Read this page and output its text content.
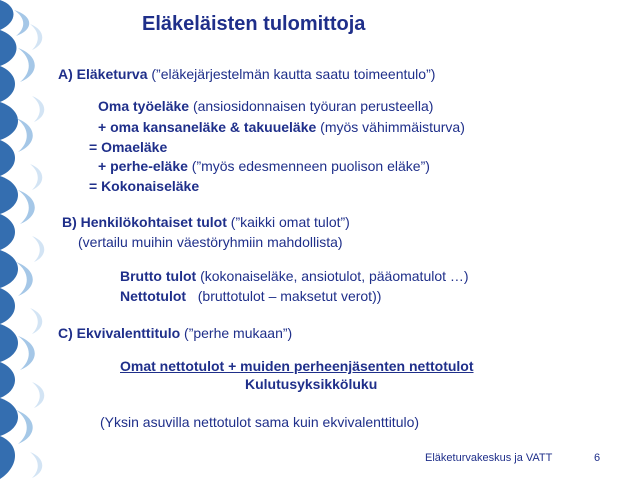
Eläkeläisten tulomittoja
A) Eläketurva (”eläkejärjestelmän kautta saatu toimeentulo”)
Oma työeläke (ansiosidonnaisen työuran perusteella)
+ oma kansaneläke & takuueläke (myös vähimmäisturva)
= Omaeläke
+ perhe-eläke (”myös edesmenneen puolison eläke”)
= Kokonaiseläke
B) Henkilökohtaiset tulot (”kaikki omat tulot”)
(vertailu muihin väestöryhmiin mahdollista)
Brutto tulot (kokonaiseläke, ansiotulot, pääomatulot …)
Nettotulot   (bruttotulot – maksetut verot))
C) Ekvivalenttitulo (”perhe mukaan”)
Omat nettotulot + muiden perheenjäsenten nettotulot
Kulutusyksikköluku
(Yksin asuvilla nettotulot sama kuin ekvivalenttitulo)
Eläketurvakeskus ja VATT	6
